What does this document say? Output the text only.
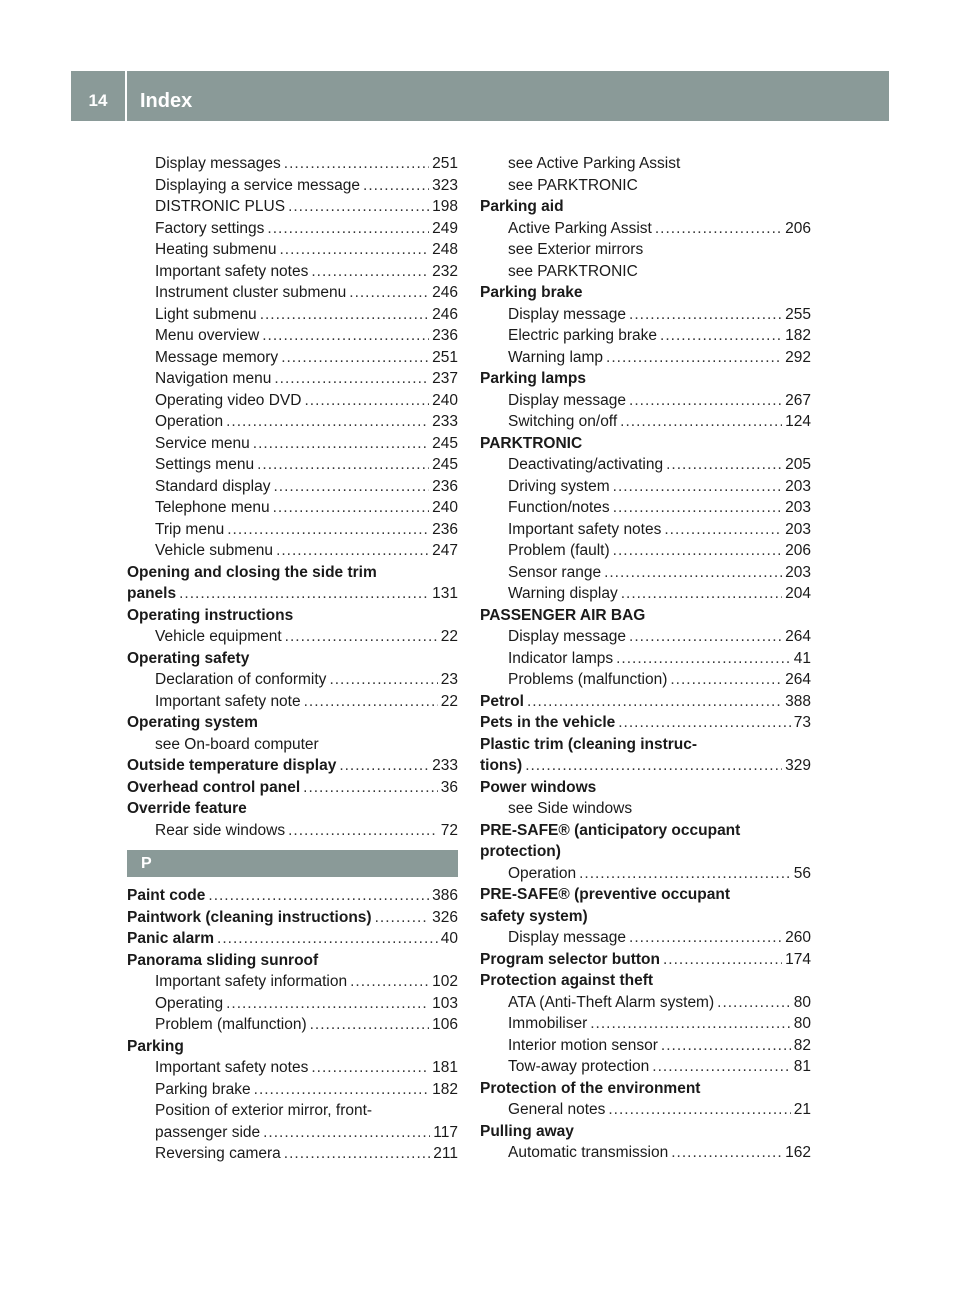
14	Index
Display messages .....	251
Displaying a service message .....	323
DISTRONIC PLUS .....	198
Factory settings .....	249
Heating submenu .....	248
Important safety notes .....	232
Instrument cluster submenu .....	246
Light submenu .....	246
Menu overview .....	236
Message memory .....	251
Navigation menu .....	237
Operating video DVD .....	240
Operation .....	233
Service menu .....	245
Settings menu .....	245
Standard display .....	236
Telephone menu .....	240
Trip menu .....	236
Vehicle submenu .....	247
Opening and closing the side trim
panels .....	131
Operating instructions
Vehicle equipment .....	22
Operating safety
Declaration of conformity .....	23
Important safety note .....	22
Operating system
see On-board computer
Outside temperature display .....	233
Overhead control panel .....	36
Override feature
Rear side windows .....	72
P
Paint code .....	386
Paintwork (cleaning instructions) .....	326
Panic alarm .....	40
Panorama sliding sunroof
Important safety information .....	102
Operating .....	103
Problem (malfunction) .....	106
Parking
Important safety notes .....	181
Parking brake .....	182
Position of exterior mirror, front-
passenger side .....	117
Reversing camera .....	211
see Active Parking Assist
see PARKTRONIC
Parking aid
Active Parking Assist .....	206
see Exterior mirrors
see PARKTRONIC
Parking brake
Display message .....	255
Electric parking brake .....	182
Warning lamp .....	292
Parking lamps
Display message .....	267
Switching on/off .....	124
PARKTRONIC
Deactivating/activating .....	205
Driving system .....	203
Function/notes .....	203
Important safety notes .....	203
Problem (fault) .....	206
Sensor range .....	203
Warning display .....	204
PASSENGER AIR BAG
Display message .....	264
Indicator lamps .....	41
Problems (malfunction) .....	264
Petrol .....	388
Pets in the vehicle .....	73
Plastic trim (cleaning instruc-
tions) .....	329
Power windows
see Side windows
PRE-SAFE® (anticipatory occupant
protection)
Operation .....	56
PRE-SAFE® (preventive occupant
safety system)
Display message .....	260
Program selector button .....	174
Protection against theft
ATA (Anti-Theft Alarm system) .....	80
Immobiliser .....	80
Interior motion sensor .....	82
Tow-away protection .....	81
Protection of the environment
General notes .....	21
Pulling away
Automatic transmission .....	162
